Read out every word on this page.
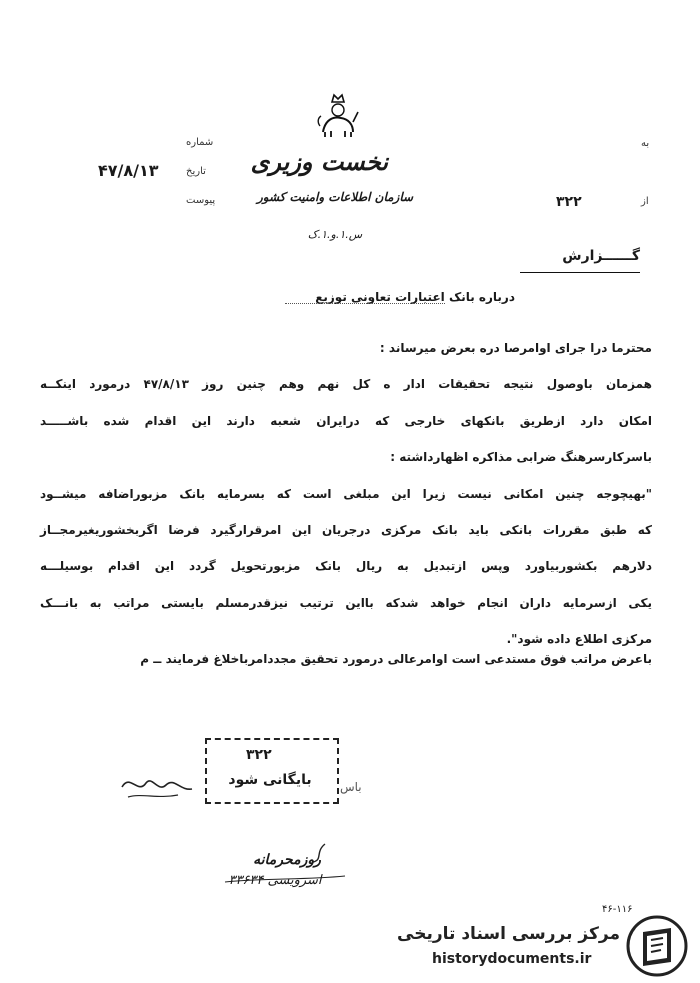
نخست وزیری
سازمان اطلاعات وامنیت کشور
س.۱.و.۱.ک
به
از
۳۲۲
شماره
تاریخ
۴۷/۸/۱۳
پیوست
گــــــزارش
درباره بانک اعتبارات تعاونی توزیع
محترما درا جرای اوامرصا دره بعرض میرساند :
همزمان باوصول نتیجه تحقیقات ادار ه کل نهم وهم چنین روز ۴۷/۸/۱۳ درمورد اینکــه
امکان دارد ازطریق بانکهای خارجی که درایران شعبه دارند این اقدام شده باشـــــد
باسرکارسرهنگ ضرابی مذاکره اظهارداشته :
"بهیچوجه چنین امکانی نیست زیرا این مبلغی است که بسرمایه بانک مزبوراضافه میشــود
که طبق مقررات بانکی باید بانک مرکزی درجریان این امرقرارگیرد فرضا اگربخشوریغیرمجــاز
دلارهم بکشوربیاورد وپس ازتبدیل به ریال بانک مزبورتحویل گردد این اقدام بوسیلـــه
یکی ازسرمایه داران انجام خواهد شدکه بااین ترتیب نیزقدرمسلم بایستی مراتب به بانـــک
مرکزی اطلاع داده شود".
باعرض مراتب فوق مستدعی است اوامرعالی درمورد تحقیق مجددامرباخلاغ فرمایند ــ م
۳۲۲
بایگانی شود	باس
روزمحرمانه
اسرویسی ۳۳۶۳۴
۴۶-۱۱۶
مرکز بررسی اسناد تاریخی
historydocuments.ir
